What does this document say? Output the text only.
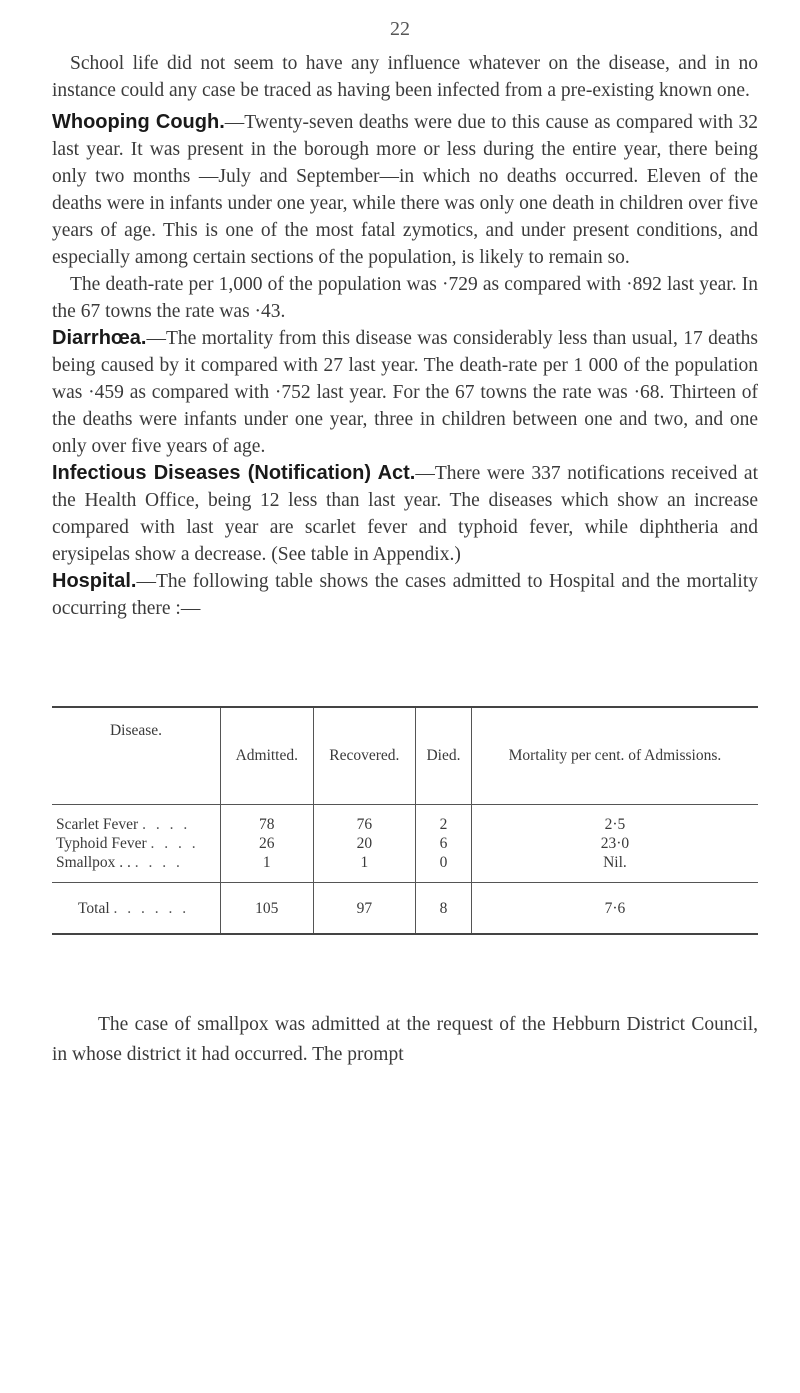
22

School life did not seem to have any influence whatever on the disease, and in no instance could any case be traced as having been infected from a pre-existing known one.

Whooping Cough.—Twenty-seven deaths were due to this cause as compared with 32 last year. It was present in the borough more or less during the entire year, there being only two months —July and September—in which no deaths occurred. Eleven of the deaths were in infants under one year, while there was only one death in children over five years of age. This is one of the most fatal zymotics, and under present conditions, and especially among certain sections of the population, is likely to remain so.

The death-rate per 1,000 of the population was ·729 as compared with ·892 last year. In the 67 towns the rate was ·43.

Diarrhœa.—The mortality from this disease was considerably less than usual, 17 deaths being caused by it compared with 27 last year. The death-rate per 1 000 of the population was ·459 as compared with ·752 last year. For the 67 towns the rate was ·68. Thirteen of the deaths were infants under one year, three in children between one and two, and one only over five years of age.

Infectious Diseases (Notification) Act.—There were 337 notifications received at the Health Office, being 12 less than last year. The diseases which show an increase compared with last year are scarlet fever and typhoid fever, while diphtheria and erysipelas show a decrease. (See table in Appendix.)

Hospital.—The following table shows the cases admitted to Hospital and the mortality occurring there :—

Disease.	Admitted.	Recovered.	Died.	Mortality per cent. of Admissions.
Scarlet Fever . . . .	78	76	2	2·5
Typhoid Fever . . . .	26	20	6	23·0
Smallpox . . . . . .	1	1	0	Nil.
Total . . . . . .	105	97	8	7·6

The case of smallpox was admitted at the request of the Hebburn District Council, in whose district it had occurred. The prompt
